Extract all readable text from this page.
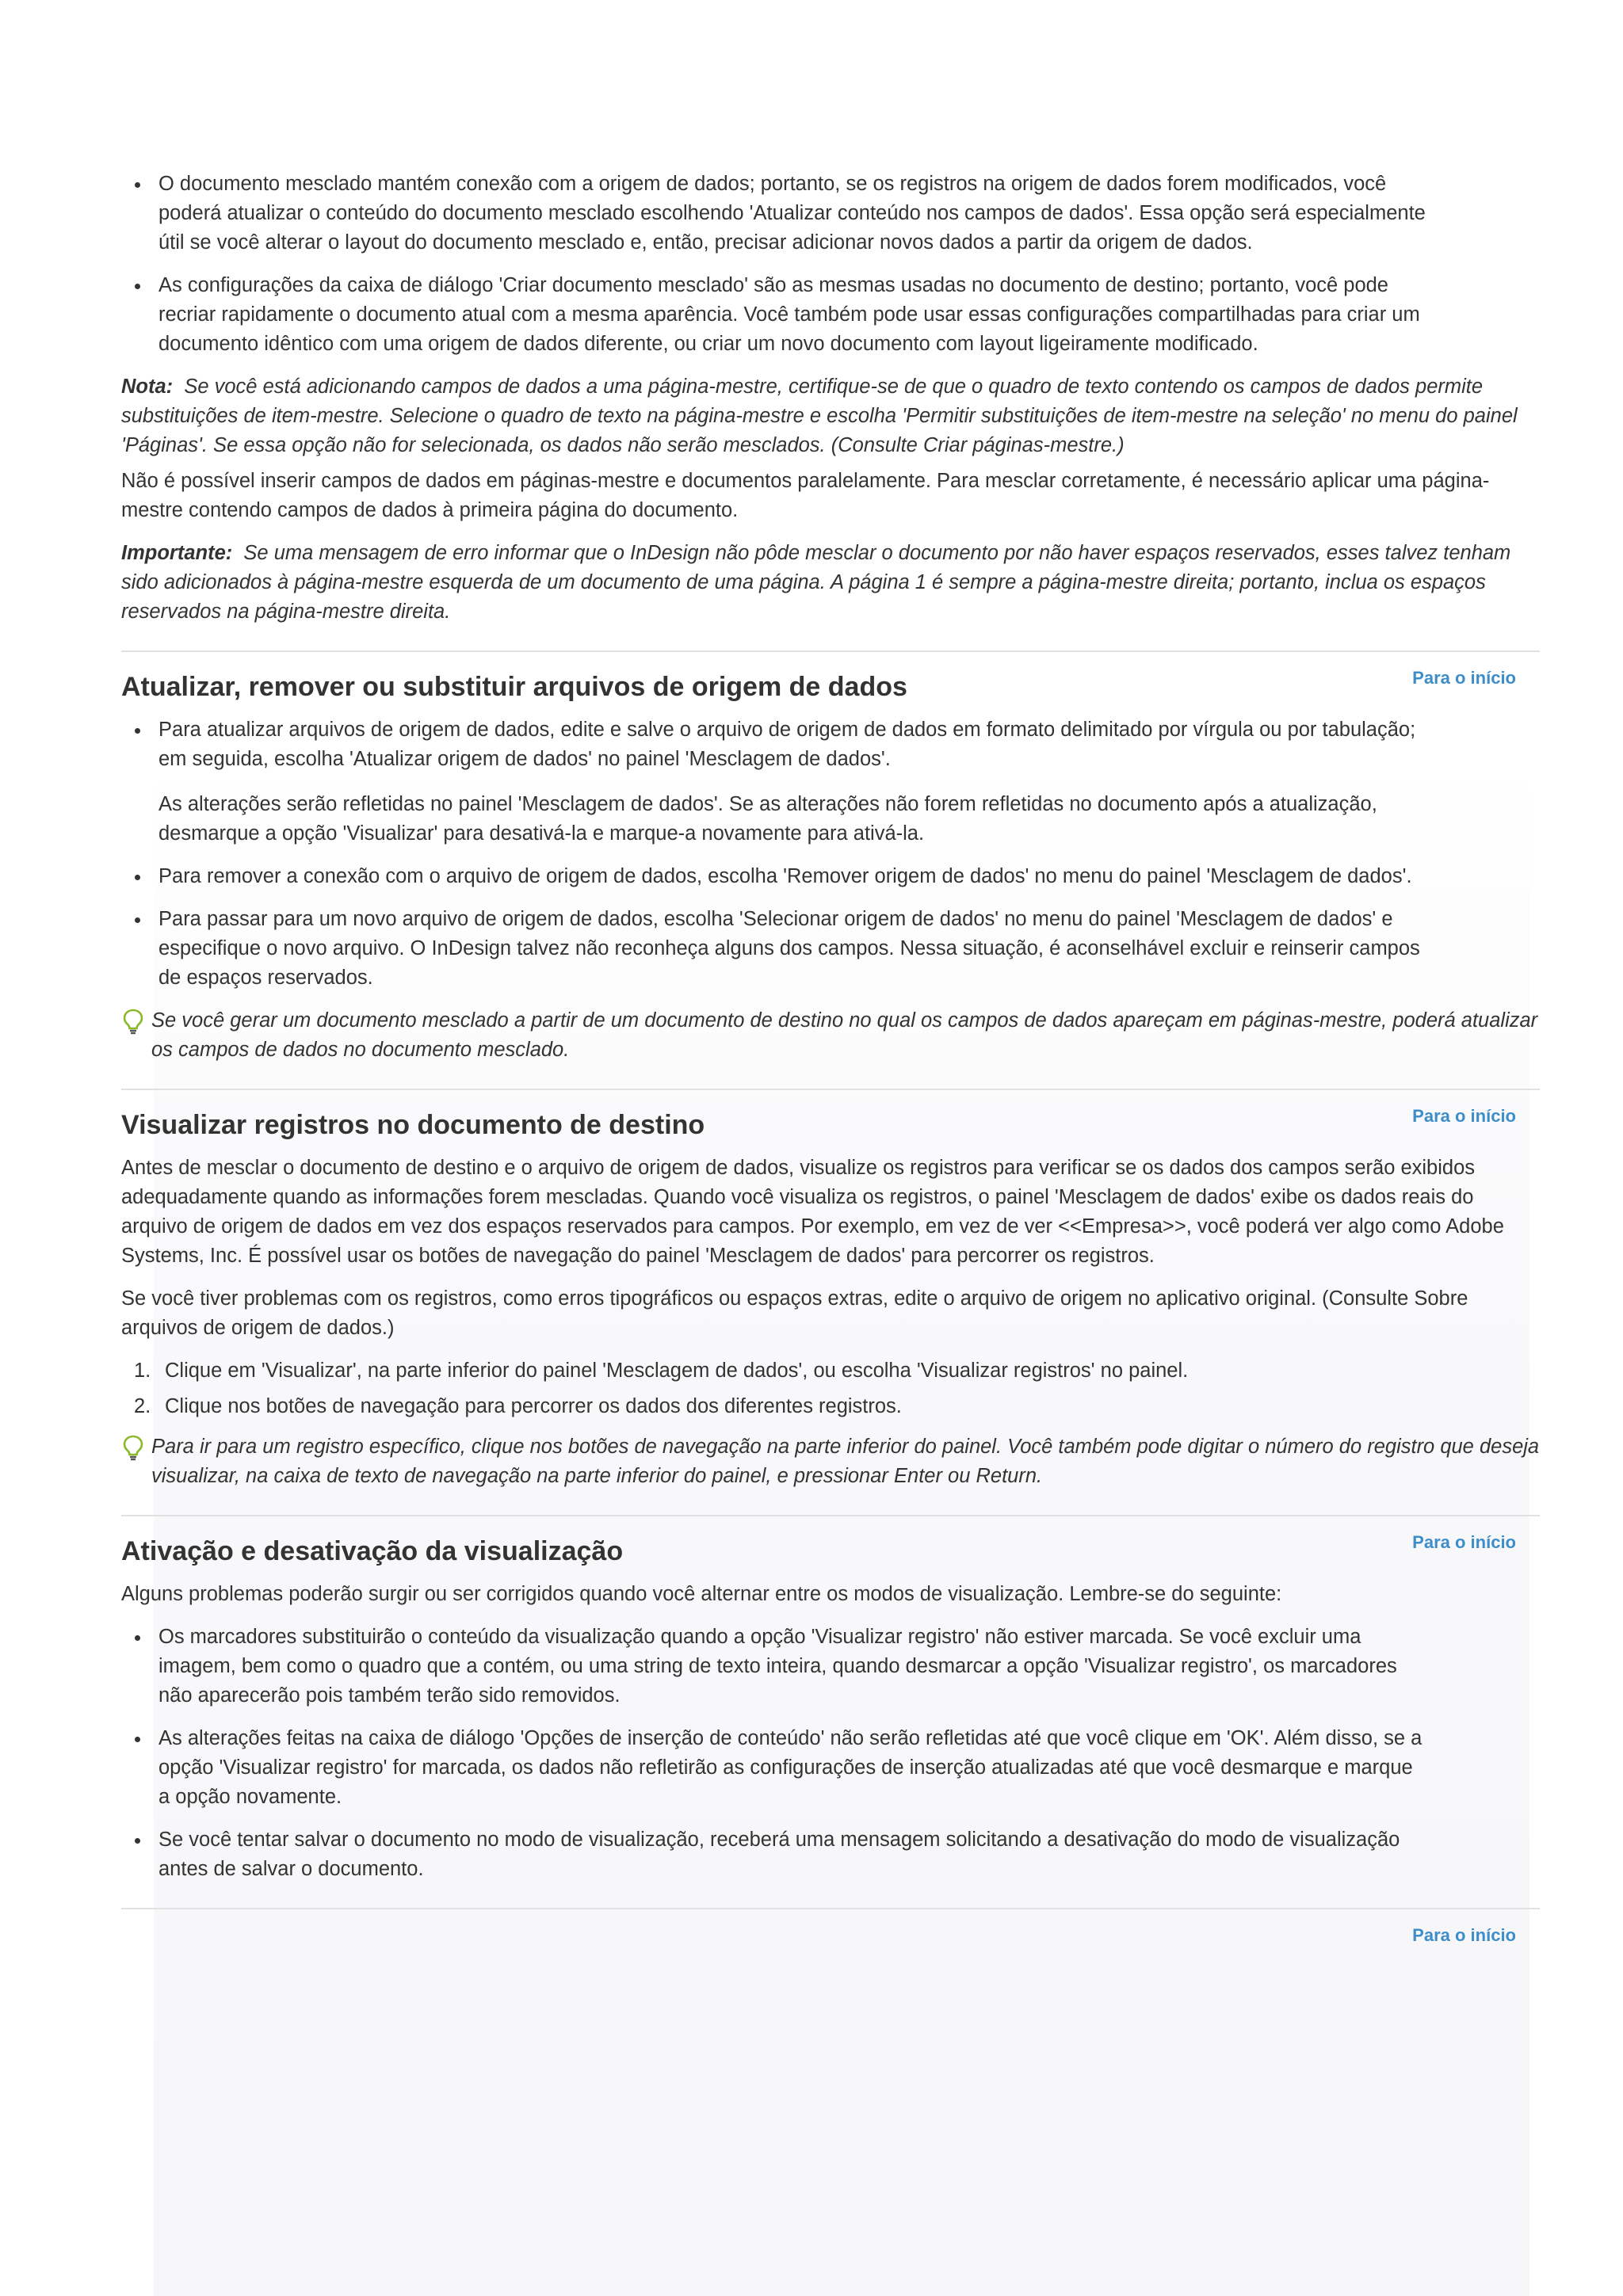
O documento mesclado mantém conexão com a origem de dados; portanto, se os registros na origem de dados forem modificados, você poderá atualizar o conteúdo do documento mesclado escolhendo 'Atualizar conteúdo nos campos de dados'. Essa opção será especialmente útil se você alterar o layout do documento mesclado e, então, precisar adicionar novos dados a partir da origem de dados.
As configurações da caixa de diálogo 'Criar documento mesclado' são as mesmas usadas no documento de destino; portanto, você pode recriar rapidamente o documento atual com a mesma aparência. Você também pode usar essas configurações compartilhadas para criar um documento idêntico com uma origem de dados diferente, ou criar um novo documento com layout ligeiramente modificado.

Nota: Se você está adicionando campos de dados a uma página-mestre, certifique-se de que o quadro de texto contendo os campos de dados permite substituições de item-mestre. Selecione o quadro de texto na página-mestre e escolha 'Permitir substituições de item-mestre na seleção' no menu do painel 'Páginas'. Se essa opção não for selecionada, os dados não serão mesclados. (Consulte Criar páginas-mestre.)

Não é possível inserir campos de dados em páginas-mestre e documentos paralelamente. Para mesclar corretamente, é necessário aplicar uma página-mestre contendo campos de dados à primeira página do documento.

Importante: Se uma mensagem de erro informar que o InDesign não pôde mesclar o documento por não haver espaços reservados, esses talvez tenham sido adicionados à página-mestre esquerda de um documento de uma página. A página 1 é sempre a página-mestre direita; portanto, inclua os espaços reservados na página-mestre direita.

Atualizar, remover ou substituir arquivos de origem de dados	Para o início
Para atualizar arquivos de origem de dados, edite e salve o arquivo de origem de dados em formato delimitado por vírgula ou por tabulação; em seguida, escolha 'Atualizar origem de dados' no painel 'Mesclagem de dados'.
As alterações serão refletidas no painel 'Mesclagem de dados'. Se as alterações não forem refletidas no documento após a atualização, desmarque a opção 'Visualizar' para desativá-la e marque-a novamente para ativá-la.
Para remover a conexão com o arquivo de origem de dados, escolha 'Remover origem de dados' no menu do painel 'Mesclagem de dados'.
Para passar para um novo arquivo de origem de dados, escolha 'Selecionar origem de dados' no menu do painel 'Mesclagem de dados' e especifique o novo arquivo. O InDesign talvez não reconheça alguns dos campos. Nessa situação, é aconselhável excluir e reinserir campos de espaços reservados.
Se você gerar um documento mesclado a partir de um documento de destino no qual os campos de dados apareçam em páginas-mestre, poderá atualizar os campos de dados no documento mesclado.
Visualizar registros no documento de destino	Para o início

Antes de mesclar o documento de destino e o arquivo de origem de dados, visualize os registros para verificar se os dados dos campos serão exibidos adequadamente quando as informações forem mescladas. Quando você visualiza os registros, o painel 'Mesclagem de dados' exibe os dados reais do arquivo de origem de dados em vez dos espaços reservados para campos. Por exemplo, em vez de ver <<Empresa>>, você poderá ver algo como Adobe Systems, Inc. É possível usar os botões de navegação do painel 'Mesclagem de dados' para percorrer os registros.

Se você tiver problemas com os registros, como erros tipográficos ou espaços extras, edite o arquivo de origem no aplicativo original. (Consulte Sobre arquivos de origem de dados.)

1. Clique em 'Visualizar', na parte inferior do painel 'Mesclagem de dados', ou escolha 'Visualizar registros' no painel.
2. Clique nos botões de navegação para percorrer os dados dos diferentes registros.
Para ir para um registro específico, clique nos botões de navegação na parte inferior do painel. Você também pode digitar o número do registro que deseja visualizar, na caixa de texto de navegação na parte inferior do painel, e pressionar Enter ou Return.
Ativação e desativação da visualização	Para o início

Alguns problemas poderão surgir ou ser corrigidos quando você alternar entre os modos de visualização. Lembre-se do seguinte:

Os marcadores substituirão o conteúdo da visualização quando a opção 'Visualizar registro' não estiver marcada. Se você excluir uma imagem, bem como o quadro que a contém, ou uma string de texto inteira, quando desmarcar a opção 'Visualizar registro', os marcadores não aparecerão pois também terão sido removidos.
As alterações feitas na caixa de diálogo 'Opções de inserção de conteúdo' não serão refletidas até que você clique em 'OK'. Além disso, se a opção 'Visualizar registro' for marcada, os dados não refletirão as configurações de inserção atualizadas até que você desmarque e marque a opção novamente.
Se você tentar salvar o documento no modo de visualização, receberá uma mensagem solicitando a desativação do modo de visualização antes de salvar o documento.
Para o início
